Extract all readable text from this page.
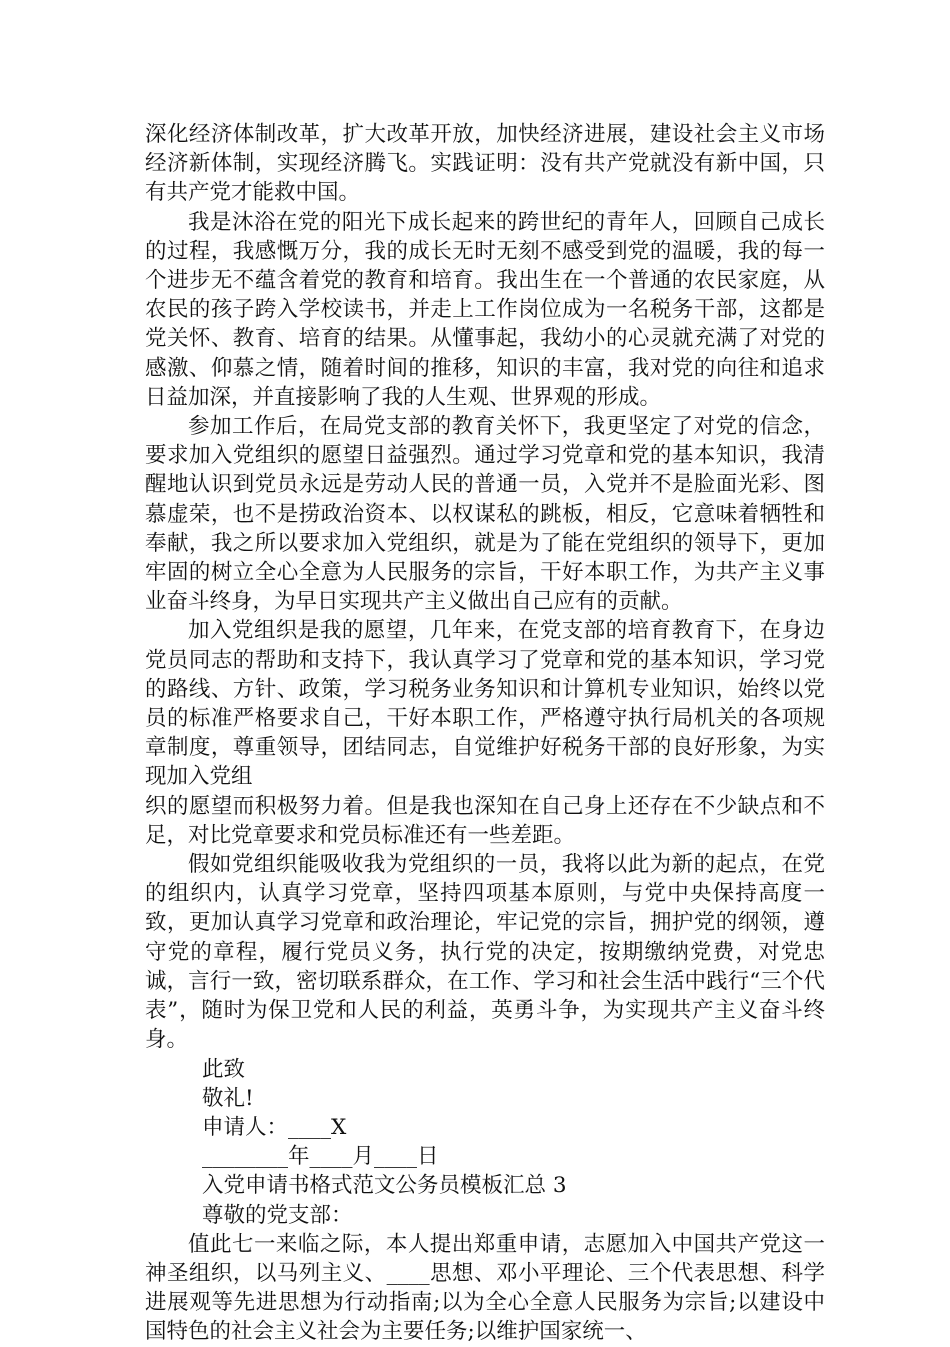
深化经济体制改革，扩大改革开放，加快经济进展，建设社会主义市场经济新体制，实现经济腾飞。实践证明：没有共产党就没有新中国，只有共产党才能救中国。

我是沐浴在党的阳光下成长起来的跨世纪的青年人，回顾自己成长的过程，我感慨万分，我的成长无时无刻不感受到党的温暖，我的每一个进步无不蕴含着党的教育和培育。我出生在一个普通的农民家庭，从农民的孩子跨入学校读书，并走上工作岗位成为一名税务干部，这都是党关怀、教育、培育的结果。从懂事起，我幼小的心灵就充满了对党的感激、仰慕之情，随着时间的推移，知识的丰富，我对党的向往和追求日益加深，并直接影响了我的人生观、世界观的形成。

参加工作后，在局党支部的教育关怀下，我更坚定了对党的信念，要求加入党组织的愿望日益强烈。通过学习党章和党的基本知识，我清醒地认识到党员永远是劳动人民的普通一员，入党并不是脸面光彩、图慕虚荣，也不是捞政治资本、以权谋私的跳板，相反，它意味着牺牲和奉献，我之所以要求加入党组织，就是为了能在党组织的领导下，更加牢固的树立全心全意为人民服务的宗旨，干好本职工作，为共产主义事业奋斗终身，为早日实现共产主义做出自己应有的贡献。

加入党组织是我的愿望，几年来，在党支部的培育教育下，在身边党员同志的帮助和支持下，我认真学习了党章和党的基本知识，学习党的路线、方针、政策，学习税务业务知识和计算机专业知识，始终以党员的标准严格要求自己，干好本职工作，严格遵守执行局机关的各项规章制度，尊重领导，团结同志，自觉维护好税务干部的良好形象，为实现加入党组

织的愿望而积极努力着。但是我也深知在自己身上还存在不少缺点和不足，对比党章要求和党员标准还有一些差距。

假如党组织能吸收我为党组织的一员，我将以此为新的起点，在党的组织内，认真学习党章，坚持四项基本原则，与党中央保持高度一致，更加认真学习党章和政治理论，牢记党的宗旨，拥护党的纲领，遵守党的章程，履行党员义务，执行党的决定，按期缴纳党费，对党忠诚，言行一致，密切联系群众，在工作、学习和社会生活中践行“三个代表”，随时为保卫党和人民的利益，英勇斗争，为实现共产主义奋斗终身。

此致

敬礼!

申请人：____X

________年____月____日

入党申请书格式范文公务员模板汇总 3

尊敬的党支部：

值此七一来临之际，本人提出郑重申请，志愿加入中国共产党这一神圣组织，以马列主义、____思想、邓小平理论、三个代表思想、科学进展观等先进思想为行动指南;以为全心全意人民服务为宗旨;以建设中国特色的社会主义社会为主要任务;以维护国家统一、
